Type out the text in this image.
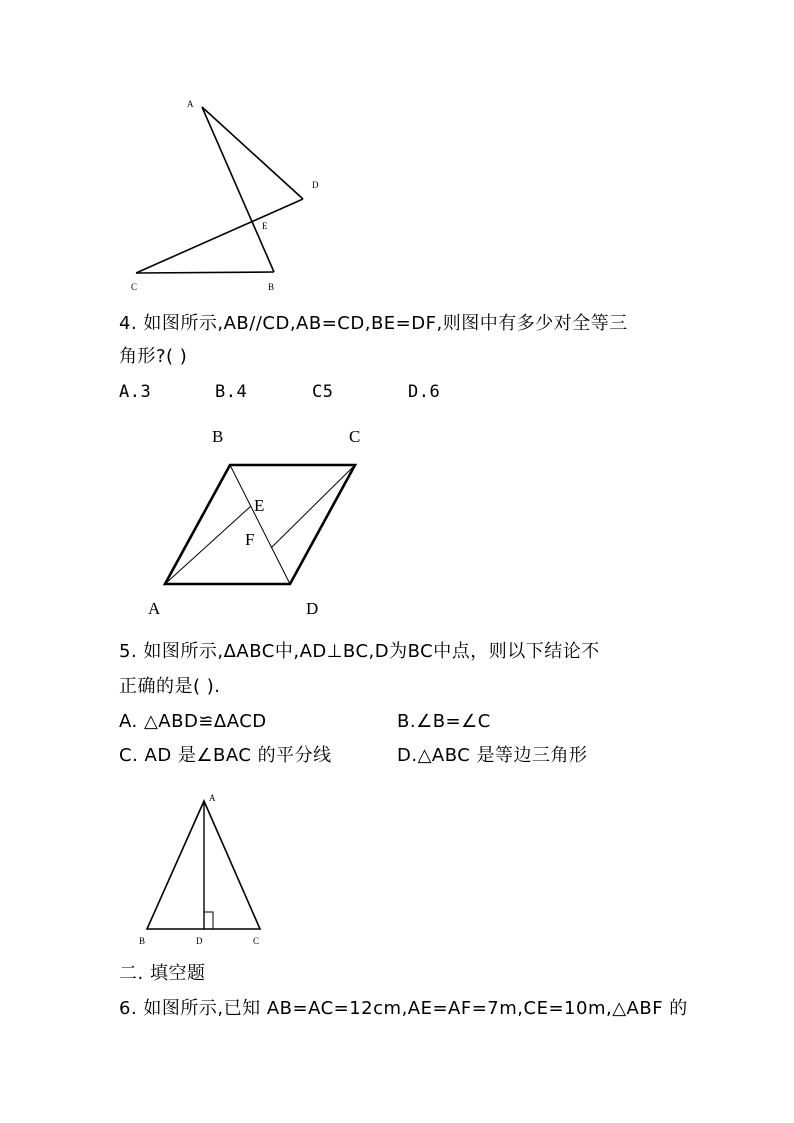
A
D
E
C	B
4. 如图所示,AB//CD,AB=CD,BE=DF,则图中有多少对全等三
角形?( )
A.3	B.4	C5	D.6
B	C
E
F
A	D
5. 如图所示,ΔABC中,AD⊥BC,D为BC中点，则以下结论不
正确的是( ).
A. △ABD≌ΔACD	B.∠B=∠C
C. AD 是∠BAC 的平分线	D.△ABC 是等边三角形
A
B	D	C
二. 填空题
6. 如图所示,已知 AB=AC=12cm,AE=AF=7m,CE=10m,△ABF 的
